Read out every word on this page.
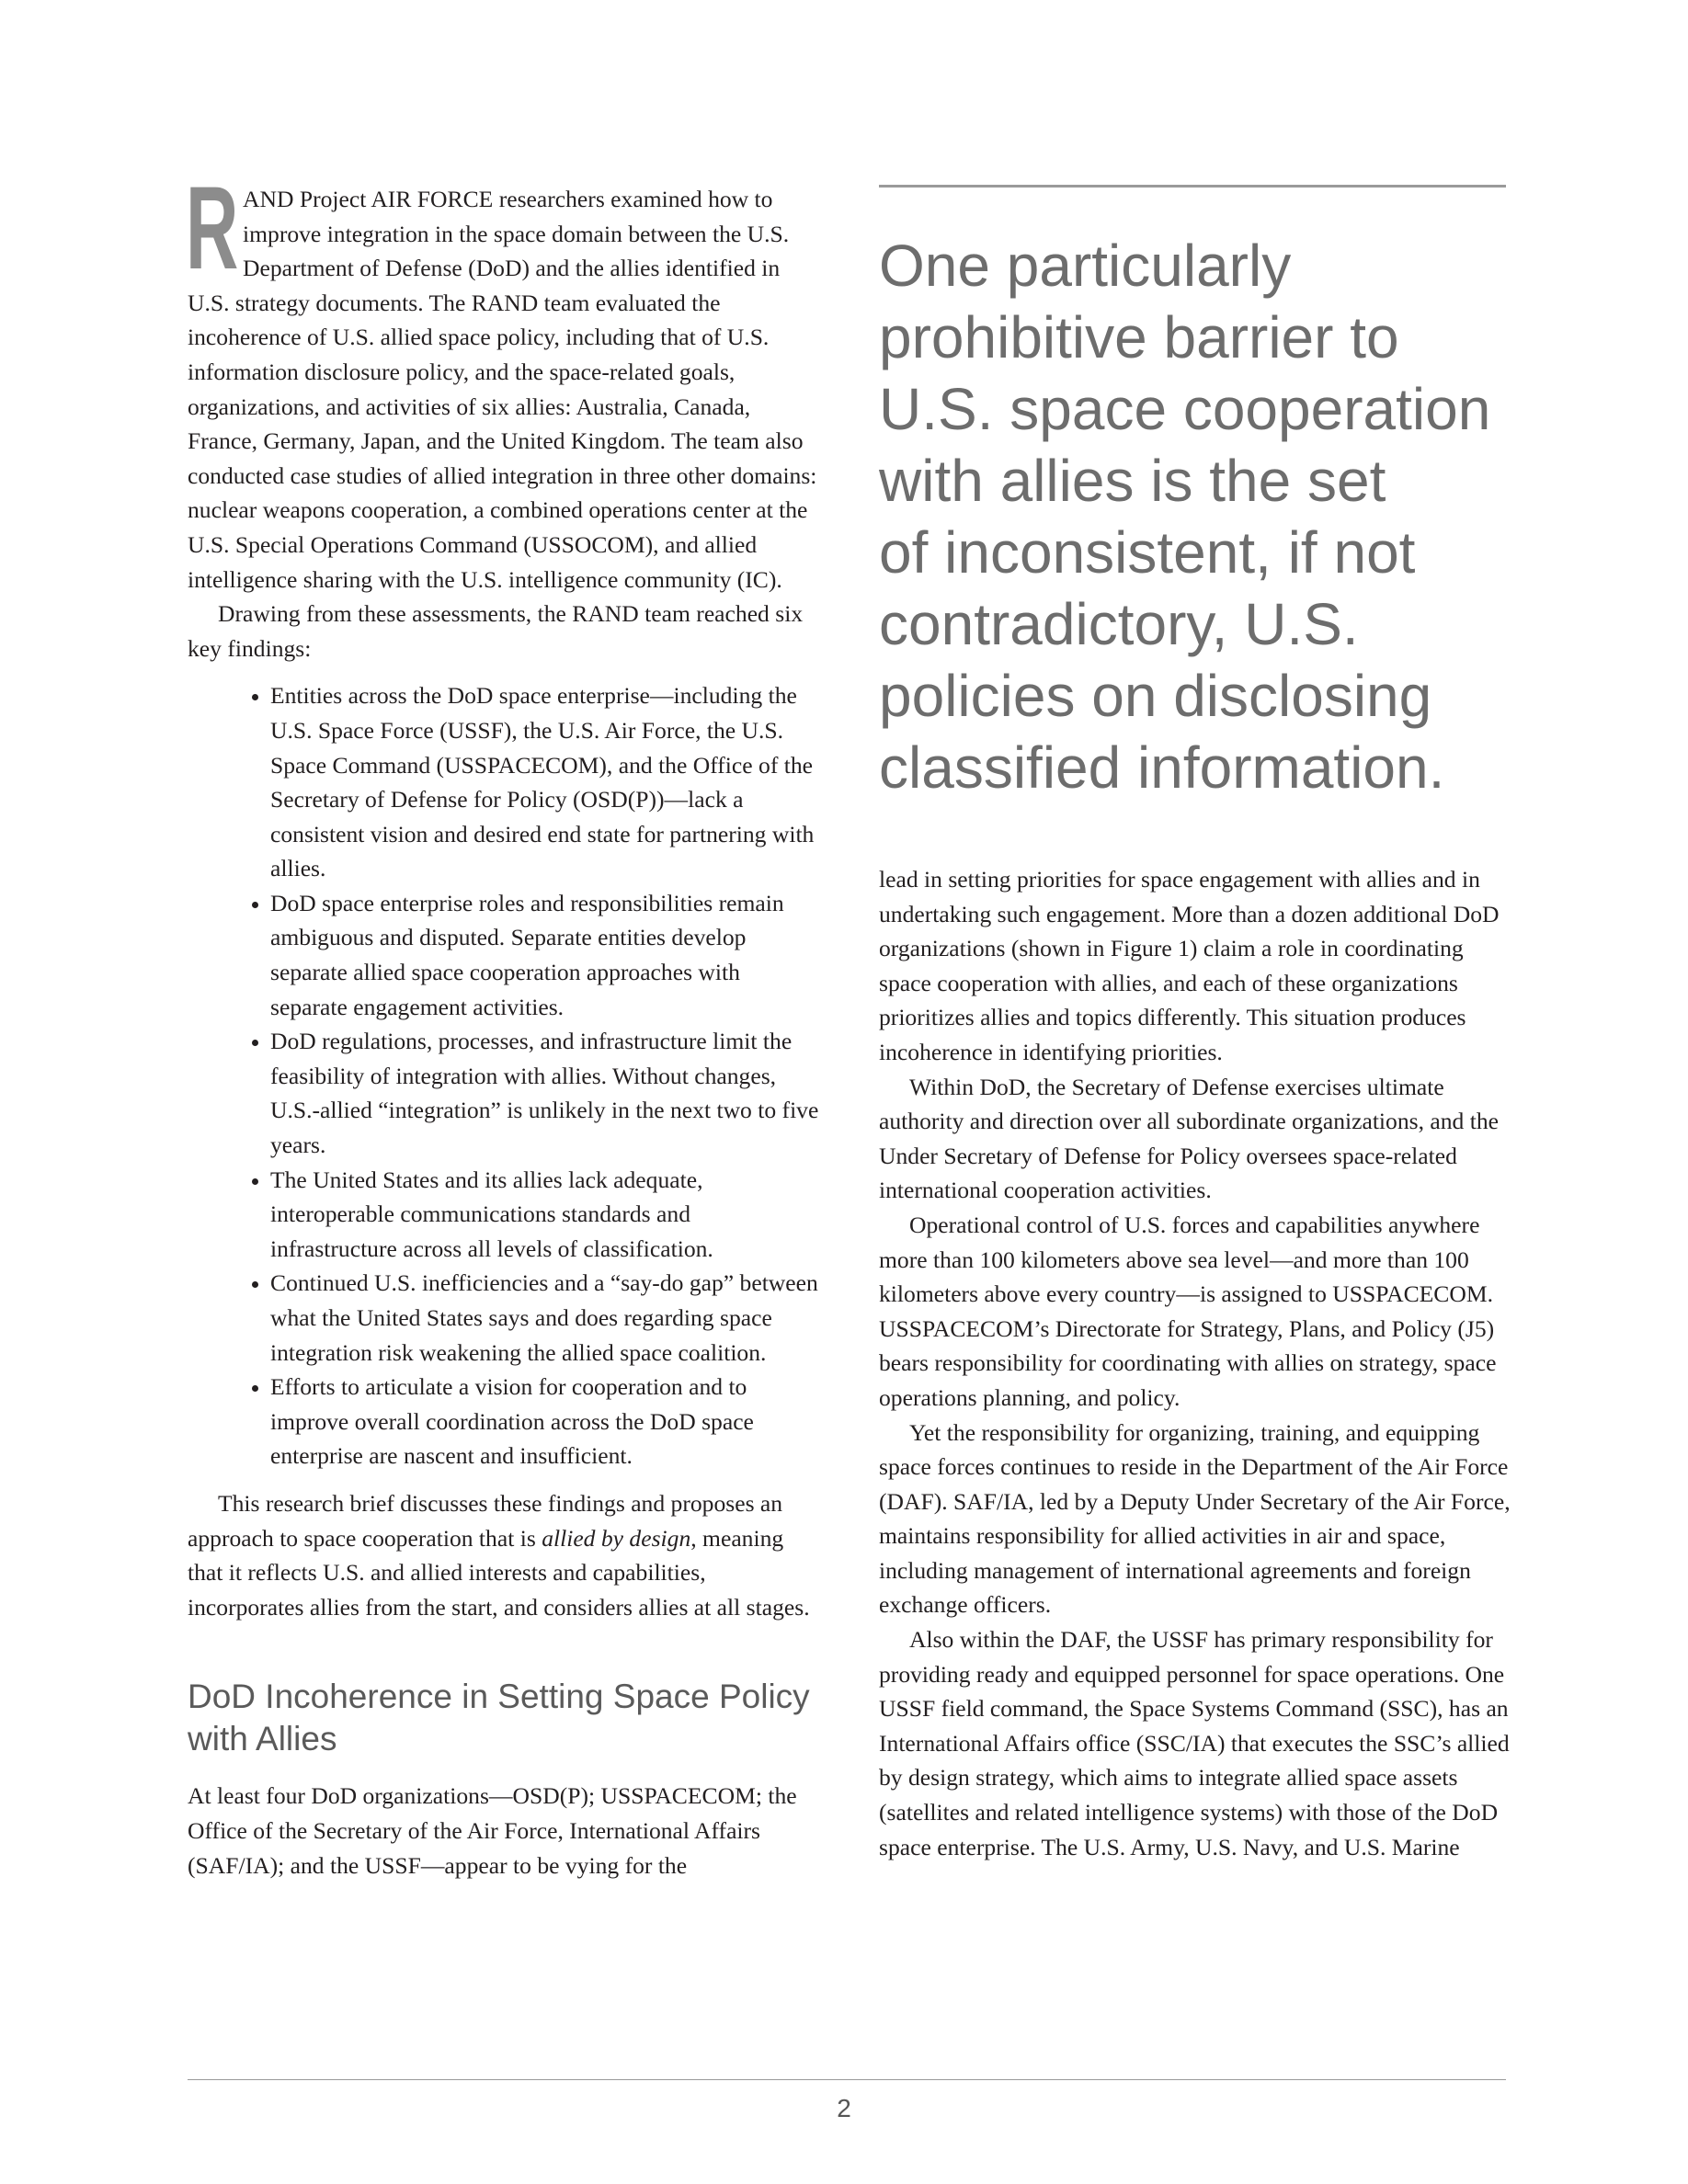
RAND Project AIR FORCE researchers examined how to improve integration in the space domain between the U.S. Department of Defense (DoD) and the allies identified in U.S. strategy documents. The RAND team evaluated the incoherence of U.S. allied space policy, including that of U.S. information disclosure policy, and the space-related goals, organizations, and activities of six allies: Australia, Canada, France, Germany, Japan, and the United Kingdom. The team also conducted case studies of allied integration in three other domains: nuclear weapons cooperation, a combined operations center at the U.S. Special Operations Command (USSOCOM), and allied intelligence sharing with the U.S. intelligence community (IC).

Drawing from these assessments, the RAND team reached six key findings:

• Entities across the DoD space enterprise—including the U.S. Space Force (USSF), the U.S. Air Force, the U.S. Space Command (USSPACECOM), and the Office of the Secretary of Defense for Policy (OSD(P))—lack a consistent vision and desired end state for partnering with allies.
• DoD space enterprise roles and responsibilities remain ambiguous and disputed. Separate entities develop separate allied space cooperation approaches with separate engagement activities.
• DoD regulations, processes, and infrastructure limit the feasibility of integration with allies. Without changes, U.S.-allied “integration” is unlikely in the next two to five years.
• The United States and its allies lack adequate, interoperable communications standards and infrastructure across all levels of classification.
• Continued U.S. inefficiencies and a “say-do gap” between what the United States says and does regarding space integration risk weakening the allied space coalition.
• Efforts to articulate a vision for cooperation and to improve overall coordination across the DoD space enterprise are nascent and insufficient.

This research brief discusses these findings and proposes an approach to space cooperation that is allied by design, meaning that it reflects U.S. and allied interests and capabilities, incorporates allies from the start, and considers allies at all stages.

DoD Incoherence in Setting Space Policy with Allies

At least four DoD organizations—OSD(P); USSPACECOM; the Office of the Secretary of the Air Force, International Affairs (SAF/IA); and the USSF—appear to be vying for the

One particularly
prohibitive barrier to
U.S. space cooperation
with allies is the set
of inconsistent, if not
contradictory, U.S.
policies on disclosing
classified information.

lead in setting priorities for space engagement with allies and in undertaking such engagement. More than a dozen additional DoD organizations (shown in Figure 1) claim a role in coordinating space cooperation with allies, and each of these organizations prioritizes allies and topics differently. This situation produces incoherence in identifying priorities.

Within DoD, the Secretary of Defense exercises ultimate authority and direction over all subordinate organizations, and the Under Secretary of Defense for Policy oversees space-related international cooperation activities.

Operational control of U.S. forces and capabilities anywhere more than 100 kilometers above sea level—and more than 100 kilometers above every country—is assigned to USSPACECOM. USSPACECOM’s Directorate for Strategy, Plans, and Policy (J5) bears responsibility for coordinating with allies on strategy, space operations planning, and policy.

Yet the responsibility for organizing, training, and equipping space forces continues to reside in the Department of the Air Force (DAF). SAF/IA, led by a Deputy Under Secretary of the Air Force, maintains responsibility for allied activities in air and space, including management of international agreements and foreign exchange officers.

Also within the DAF, the USSF has primary responsibility for providing ready and equipped personnel for space operations. One USSF field command, the Space Systems Command (SSC), has an International Affairs office (SSC/IA) that executes the SSC’s allied by design strategy, which aims to integrate allied space assets (satellites and related intelligence systems) with those of the DoD space enterprise. The U.S. Army, U.S. Navy, and U.S. Marine

2
